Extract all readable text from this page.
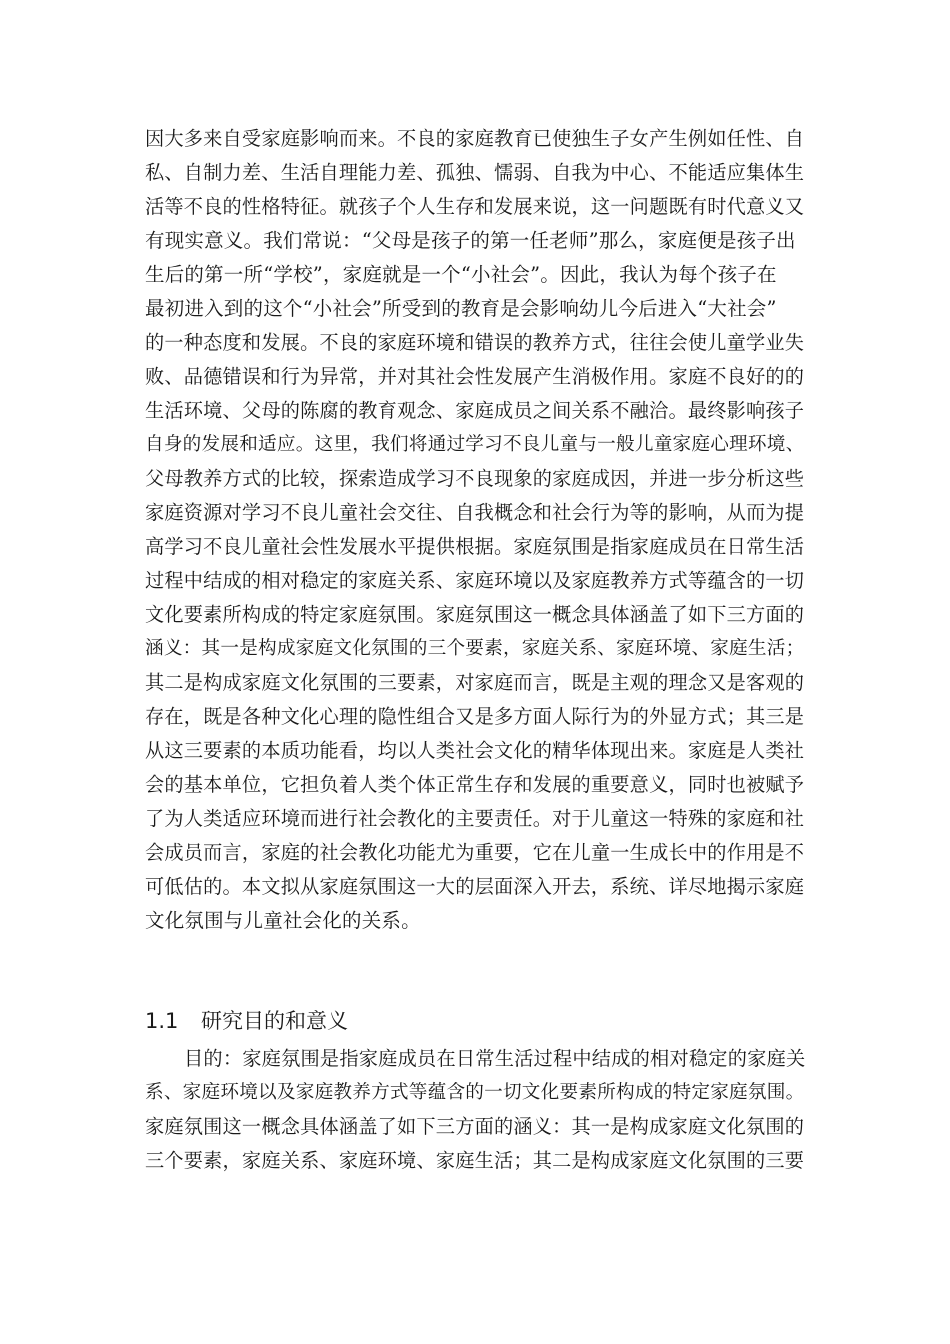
因大多来自受家庭影响而来。不良的家庭教育已使独生子女产生例如任性、自
私、自制力差、生活自理能力差、孤独、懦弱、自我为中心、不能适应集体生
活等不良的性格特征。就孩子个人生存和发展来说，这一问题既有时代意义又
有现实意义。我们常说：“父母是孩子的第一任老师”那么，家庭便是孩子出
生后的第一所“学校”，家庭就是一个“小社会”。因此，我认为每个孩子在
最初进入到的这个“小社会”所受到的教育是会影响幼儿今后进入“大社会”
的一种态度和发展。不良的家庭环境和错误的教养方式，往往会使儿童学业失
败、品德错误和行为异常，并对其社会性发展产生消极作用。家庭不良好的的
生活环境、父母的陈腐的教育观念、家庭成员之间关系不融洽。最终影响孩子
自身的发展和适应。这里，我们将通过学习不良儿童与一般儿童家庭心理环境、
父母教养方式的比较，探索造成学习不良现象的家庭成因，并进一步分析这些
家庭资源对学习不良儿童社会交往、自我概念和社会行为等的影响，从而为提
高学习不良儿童社会性发展水平提供根据。家庭氛围是指家庭成员在日常生活
过程中结成的相对稳定的家庭关系、家庭环境以及家庭教养方式等蕴含的一切
文化要素所构成的特定家庭氛围。家庭氛围这一概念具体涵盖了如下三方面的
涵义：其一是构成家庭文化氛围的三个要素，家庭关系、家庭环境、家庭生活；
其二是构成家庭文化氛围的三要素，对家庭而言，既是主观的理念又是客观的
存在，既是各种文化心理的隐性组合又是多方面人际行为的外显方式；其三是
从这三要素的本质功能看，均以人类社会文化的精华体现出来。家庭是人类社
会的基本单位，它担负着人类个体正常生存和发展的重要意义，同时也被赋予
了为人类适应环境而进行社会教化的主要责任。对于儿童这一特殊的家庭和社
会成员而言，家庭的社会教化功能尤为重要，它在儿童一生成长中的作用是不
可低估的。本文拟从家庭氛围这一大的层面深入开去，系统、详尽地揭示家庭
文化氛围与儿童社会化的关系。
1.1 研究目的和意义
目的：家庭氛围是指家庭成员在日常生活过程中结成的相对稳定的家庭关
系、家庭环境以及家庭教养方式等蕴含的一切文化要素所构成的特定家庭氛围。
家庭氛围这一概念具体涵盖了如下三方面的涵义：其一是构成家庭文化氛围的
三个要素，家庭关系、家庭环境、家庭生活；其二是构成家庭文化氛围的三要
